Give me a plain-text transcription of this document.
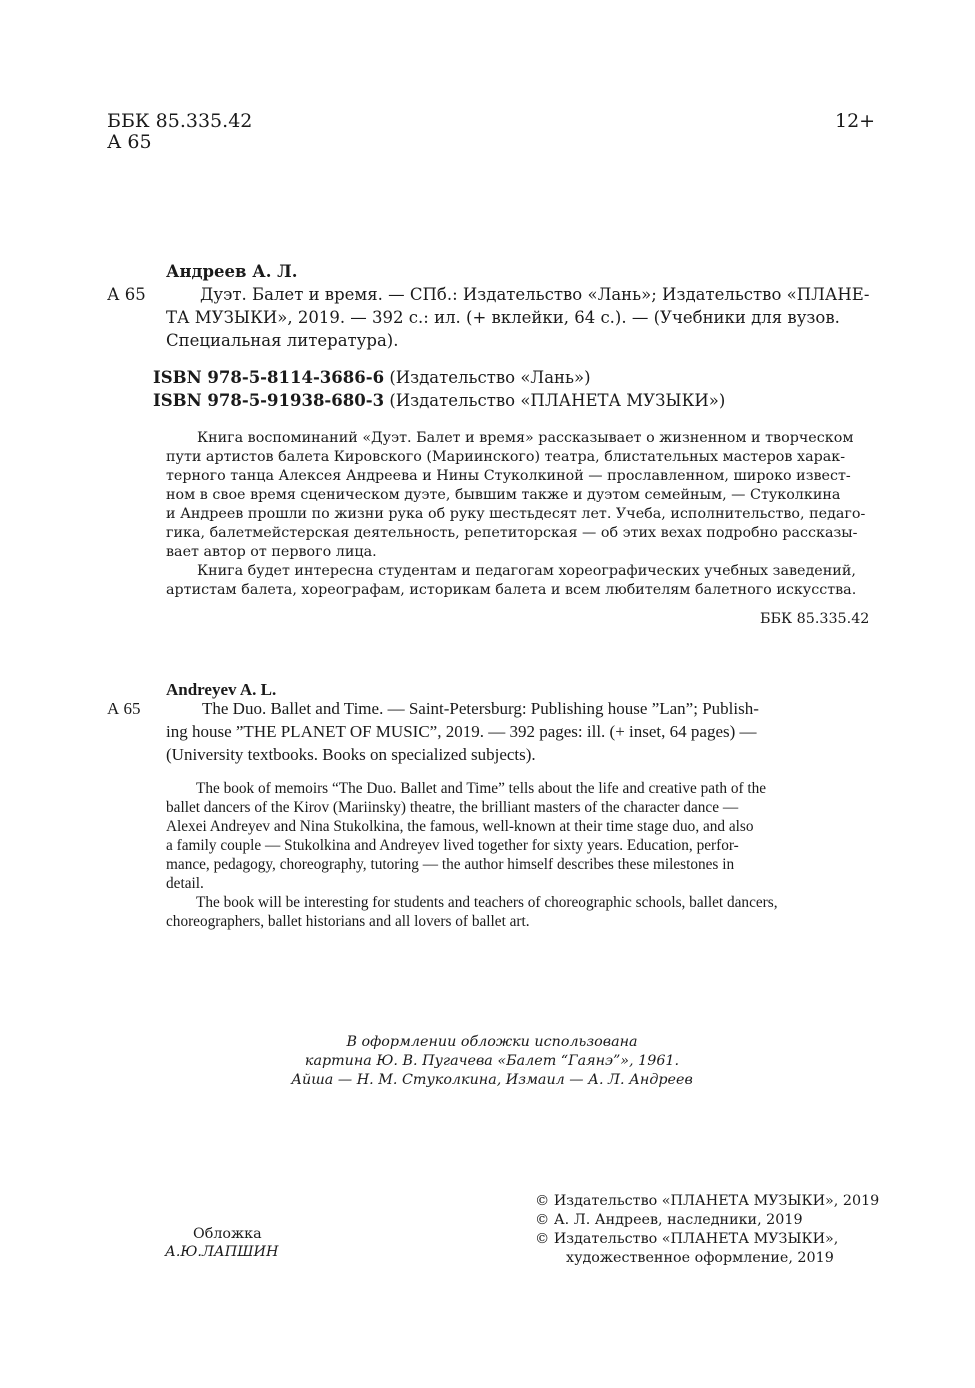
ББК 85.335.42
А 65
12+
Андреев А. Л.
А 65	Дуэт. Балет и время. — СПб.: Издательство «Лань»; Издательство «ПЛАНЕ-
ТА МУЗЫКИ», 2019. — 392 с.: ил. (+ вклейки, 64 с.). — (Учебники для вузов.
Специальная литература).
ISBN 978-5-8114-3686-6 (Издательство «Лань»)
ISBN 978-5-91938-680-3 (Издательство «ПЛАНЕТА МУЗЫКИ»)
Книга воспоминаний «Дуэт. Балет и время» рассказывает о жизненном и творческом
пути артистов балета Кировского (Мариинского) театра, блистательных мастеров харак-
терного танца Алексея Андреева и Нины Стуколкиной — прославленном, широко извест-
ном в свое время сценическом дуэте, бывшим также и дуэтом семейным, — Стуколкина
и Андреев прошли по жизни рука об руку шестьдесят лет. Учеба, исполнительство, педаго-
гика, балетмейстерская деятельность, репетиторская — об этих вехах подробно рассказы-
вает автор от первого лица.
Книга будет интересна студентам и педагогам хореографических учебных заведений,
артистам балета, хореографам, историкам балета и всем любителям балетного искусства.
ББК 85.335.42
Andreyev A. L.
А 65	The Duo. Ballet and Time. — Saint-Petersburg: Publishing house ”Lan”; Publish-
ing house ”THE PLANET OF MUSIC”, 2019. — 392 pages: ill. (+ inset, 64 pages) —
(University textbooks. Books on specialized subjects).
The book of memoirs “The Duo. Ballet and Time” tells about the life and creative path of the
ballet dancers of the Kirov (Mariinsky) theatre, the brilliant masters of the character dance —
Alexei Andreyev and Nina Stukolkina, the famous, well-known at their time stage duo, and also
a family couple — Stukolkina and Andreyev lived together for sixty years. Education, perfor-
mance, pedagogy, choreography, tutoring — the author himself describes these milestones in
detail.
The book will be interesting for students and teachers of choreographic schools, ballet dancers,
choreographers, ballet historians and all lovers of ballet art.
В оформлении обложки использована
картина Ю. В. Пугачева «Балет “Гаянэ”», 1961.
Айша — Н. М. Стуколкина, Измаил — А. Л. Андреев
Обложка
А.Ю.ЛАПШИН
© Издательство «ПЛАНЕТА МУЗЫКИ», 2019
© А. Л. Андреев, наследники, 2019
© Издательство «ПЛАНЕТА МУЗЫКИ»,
художественное оформление, 2019
